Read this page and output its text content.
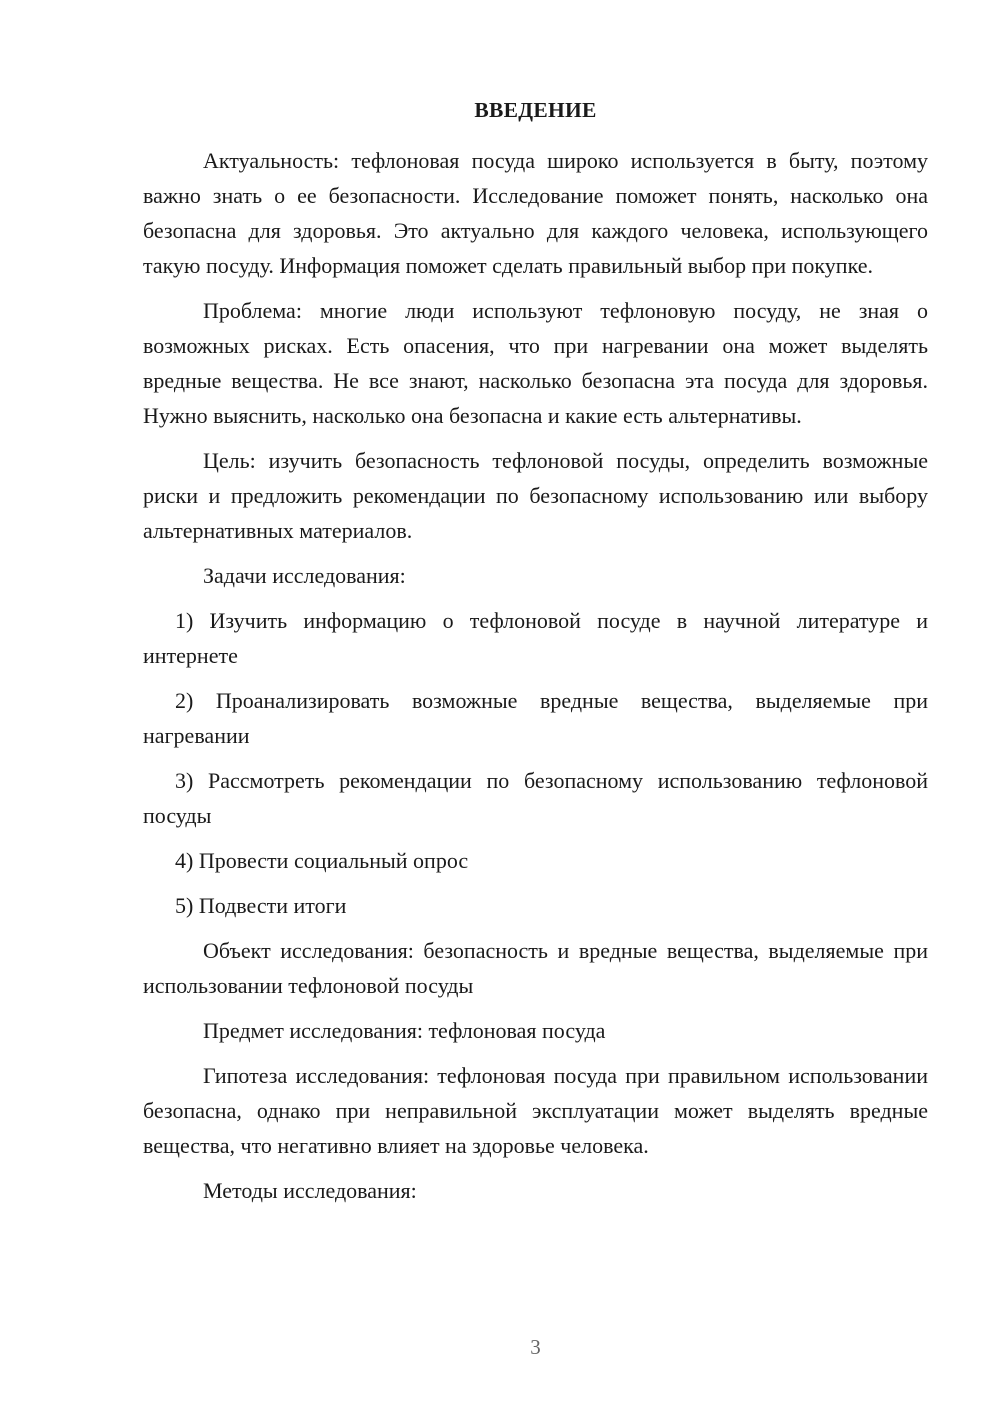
ВВЕДЕНИЕ

Актуальность: тефлоновая посуда широко используется в быту, поэтому важно знать о ее безопасности. Исследование поможет понять, насколько она безопасна для здоровья. Это актуально для каждого человека, использующего такую посуду. Информация поможет сделать правильный выбор при покупке.

Проблема: многие люди используют тефлоновую посуду, не зная о возможных рисках. Есть опасения, что при нагревании она может выделять вредные вещества. Не все знают, насколько безопасна эта посуда для здоровья. Нужно выяснить, насколько она безопасна и какие есть альтернативы.

Цель: изучить безопасность тефлоновой посуды, определить возможные риски и предложить рекомендации по безопасному использованию или выбору альтернативных материалов.

Задачи исследования:

1) Изучить информацию о тефлоновой посуде в научной литературе и интернете

2) Проанализировать возможные вредные вещества, выделяемые при нагревании

3) Рассмотреть рекомендации по безопасному использованию тефлоновой посуды

4) Провести социальный опрос

5) Подвести итоги

Объект исследования: безопасность и вредные вещества, выделяемые при использовании тефлоновой посуды

Предмет исследования: тефлоновая посуда

Гипотеза исследования: тефлоновая посуда при правильном использовании безопасна, однако при неправильной эксплуатации может выделять вредные вещества, что негативно влияет на здоровье человека.

Методы исследования:

3
